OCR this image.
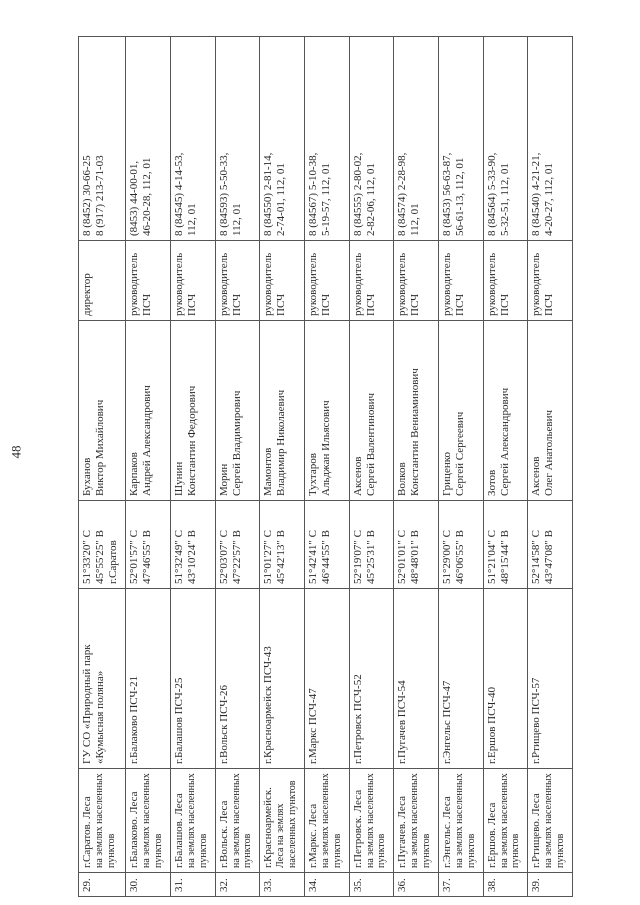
48
29.	г.Саратов. Леса на землях населенных пунктов	ГУ СО «Природный парк «Кумысная поляна»	51°33'20" С 45°55'25" В г.Саратов	Буханов Виктор Михайлович	директор	8 (8452) 30-66-25 8 (917) 213-71-03

30.	г.Балаково. Леса на землях населенных пунктов	г.Балаково ПСЧ-21	52°01'57" С 47°46'55" В	Карпаков Андрей Александрович	руководитель ПСЧ	(8453) 44-00-01, 46-20-28, 112, 01

31.	г.Балашов. Леса на землях населенных пунктов	г.Балашов ПСЧ-25	51°32'49" С 43°10'24" В	Шунин Константин Федорович	руководитель ПСЧ	8 (84545) 4-14-53, 112, 01

32.	г.Вольск. Леса на землях населенных пунктов	г.Вольск ПСЧ-26	52°03'07" С 47°22'57" В	Морин Сергей Владимирович	руководитель ПСЧ	8 (84593) 5-50-33, 112, 01

33.	г.Красноармейск. Леса на землях населенных пунктов	г.Красноармейск ПСЧ-43	51°01'27" С 45°42'13" В	Мамонтов Владимир Николаевич	руководитель ПСЧ	8 (84550) 2-81-14, 2-74-01, 112, 01

34.	г.Маркс. Леса на землях населенных пунктов	г.Маркс ПСЧ-47	51°42'41" С 46°44'55" В	Тухтаров Альджан Ильясович	руководитель ПСЧ	8 (84567) 5-10-38, 5-19-57, 112, 01

35.	г.Петровск. Леса на землях населенных пунктов	г.Петровск ПСЧ-52	52°19'07" С 45°25'31" В	Аксенов Сергей Валентинович	руководитель ПСЧ	8 (84555) 2-80-02, 2-82-06, 112, 01

36.	г.Пугачев. Леса на землях населенных пунктов	г.Пугачев ПСЧ-54	52°01'01" С 48°48'01" В	Волков Константин Вениаминович	руководитель ПСЧ	8 (84574) 2-28-98, 112, 01

37.	г.Энгельс. Леса на землях населенных пунктов	г.Энгельс ПСЧ-47	51°29'00" С 46°06'55" В	Гриценко Сергей Сергеевич	руководитель ПСЧ	8 (8453) 56-63-87, 56-61-13, 112, 01

38.	г.Ершов. Леса на землях населенных пунктов	г.Ершов ПСЧ-40	51°21'04" С 48°15'44" В	Зотов Сергей Александрович	руководитель ПСЧ	8 (84564) 5-33-90, 5-32-51, 112, 01

39.	г.Ртищево. Леса на землях населенных пунктов	г.Ртищево ПСЧ-57	52°14'58" С 43°47'08" В	Аксенов Олег Анатольевич	руководитель ПСЧ	8 (84540) 4-21-21, 4-20-27, 112, 01
